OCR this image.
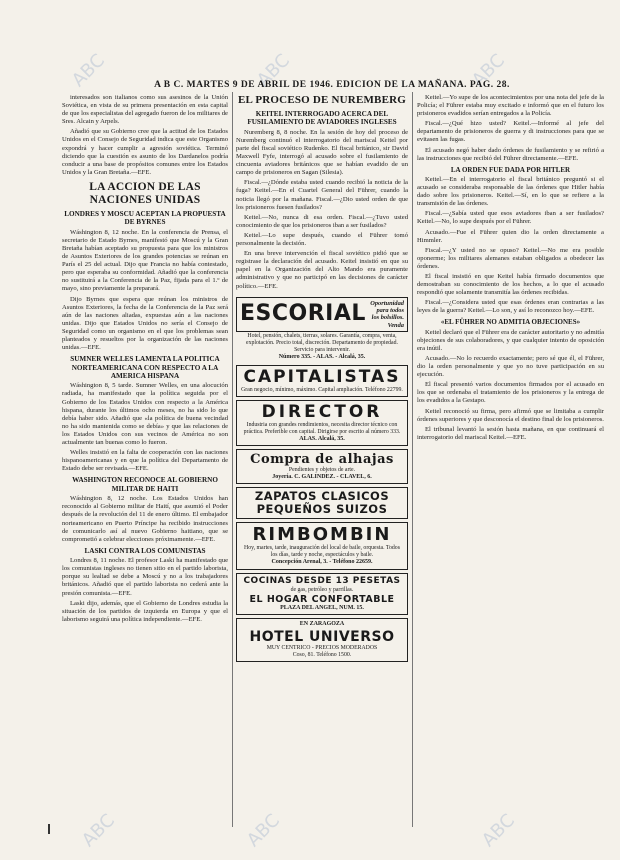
ABC	ABC	ABC
ABC	ABC	ABC
A B C. MARTES 9 DE ABRIL DE 1946. EDICION DE LA MAÑANA. PAG. 28.

interesados son italianos como sus asesinos de la Unión Soviética, en vista de su primera presentación en esta capital de que los especialistas del agregado fueron de los militares de Sres. Alcain y Arpels.

Añadió que su Gobierno cree que la actitud de los Estados Unidos en el Consejo de Seguridad indica que este Organismo expondrá y hacer cumplir a agresión soviética. Terminó diciendo que la cuestión es asunto de los Dardanelos podría conducir a una base de propósitos comunes entre los Estados Unidos y la Gran Bretaña.—EFE.

LA ACCION DE LAS NACIONES UNIDAS
LONDRES Y MOSCU ACEPTAN LA PROPUESTA DE BYRNES

Wáshington 8, 12 noche. En la conferencia de Prensa, el secretario de Estado Byrnes, manifestó que Moscú y la Gran Bretaña habían aceptado su propuesta para que los ministros de Asuntos Exteriores de los grandes potencias se reúnan en París el 25 del actual. Dijo que Francia no había contestado, pero que esperaba su conformidad. Añadió que la conferencia no sustituirá a la Conferencia de la Paz, fijada para el 1.º de mayo, sino previamente la preparará.

Dijo Byrnes que espera que reúnan los ministros de Asuntos Exteriores, la fecha de la Conferencia de la Paz será aún de las naciones aliadas, expuestas aún a las naciones unidas. Dijo que Estados Unidos no sería el Consejo de Seguridad como un organismo en el que los problemas sean planteados y resueltos por la organización de las naciones unidas.—EFE.

SUMNER WELLES LAMENTA LA POLITICA NORTEAMERICANA CON RESPECTO A LA AMERICA HISPANA

Wáshington 8, 5 tarde. Sumner Welles, en una alocución radiada, ha manifestado que la política seguida por el Gobierno de los Estados Unidos con respecto a la América hispana, durante los últimos ocho meses, no ha sido lo que debía haber sido. Añadió que «la política de buena vecindad no ha sido mantenida como se debía» y que las relaciones de los Estados Unidos con sus vecinos de América no son actualmente tan buenas como lo fueron.

Welles insistió en la falta de cooperación con las naciones hispanoamericanas y en que la política del Departamento de Estado debe ser revisada.—EFE.

WASHINGTON RECONOCE AL GOBIERNO MILITAR DE HAITI

Wáshington 8, 12 noche. Los Estados Unidos han reconocido al Gobierno militar de Haití, que asumió el Poder después de la revolución del 11 de enero último. El embajador norteamericano en Puerto Príncipe ha recibido instrucciones de comunicarlo así al nuevo Gobierno haitiano, que se comprometió a celebrar elecciones próximamente.—EFE.

LASKI CONTRA LOS COMUNISTAS

Londres 8, 11 noche. El profesor Laski ha manifestado que los comunistas ingleses no tienen sitio en el partido laborista, porque su lealtad se debe a Moscú y no a los trabajadores británicos. Añadió que el partido laborista no cederá ante la presión comunista.—EFE.

Laski dijo, además, que el Gobierno de Londres estudia la situación de los partidos de izquierda en Europa y que el laborismo seguirá una política independiente.—EFE.

EL PROCESO DE NUREMBERG
KEITEL INTERROGADO ACERCA DEL FUSILAMIENTO DE AVIADORES INGLESES

Nuremberg 8, 8 noche. En la sesión de hoy del proceso de Nuremberg continuó el interrogatorio del mariscal Keitel por parte del fiscal soviético Rudenko. El fiscal británico, sir David Maxwell Fyfe, interrogó al acusado sobre el fusilamiento de cincuenta aviadores británicos que se habían evadido de un campo de prisioneros en Sagan (Silesia).

Fiscal.—¿Dónde estaba usted cuando recibió la noticia de la fuga? Keitel.—En el Cuartel General del Führer, cuando la noticia llegó por la mañana. Fiscal.—¿Dio usted orden de que los prisioneros fuesen fusilados?

Keitel.—No, nunca di esa orden. Fiscal.—¿Tuvo usted conocimiento de que los prisioneros iban a ser fusilados?

Keitel.—Lo supe después, cuando el Führer tomó personalmente la decisión.

En una breve intervención el fiscal soviético pidió que se registrase la declaración del acusado. Keitel insistió en que su papel en la Organización del Alto Mando era puramente administrativo y que no participó en las decisiones de carácter político.—EFE.

ESCORIAL Oportunidad para todos los bolsillos. Venda
Hotel, pensión, chalets, tierras, solares. Garantía, compra, venta, explotación. Precio total, discreción. Departamento de propiedad. Servicio para intervenir.
Número 335. - ALAS. - Alcalá, 35.
CAPITALISTAS
Gran negocio, mínimo, máximo. Capital ampliación. Teléfono 22799.
DIRECTOR
Industria con grandes rendimientos, necesita director técnico con práctica. Preferible con capital. Dirigirse por escrito al número 333.
ALAS. Alcalá, 35.
Compra de alhajas
Pendientes y objetos de arte.
Joyería. C. GALINDEZ. - CLAVEL, 6.
ZAPATOS CLASICOS
PEQUEÑOS SUIZOS
RIMBOMBIN
Hoy, martes, tarde, inauguración del local de baile, orquesta. Todos los días, tarde y noche, espectáculos y baile.
Concepción Arenal, 3. - Teléfono 22659.
COCINAS DESDE 13 PESETAS
de gas, petróleo y parrillas.
EL HOGAR CONFORTABLE
PLAZA DEL ANGEL, NUM. 15.
EN ZARAGOZA
HOTEL UNIVERSO
MUY CENTRICO - PRECIOS MODERADOS
Coso, 81. Teléfono 1500.

Keitel.—Yo supe de los acontecimientos por una nota del jefe de la Policía; el Führer estaba muy excitado e informó que en el futuro los prisioneros evadidos serían entregados a la Policía.

Fiscal.—¿Qué hizo usted? Keitel.—Informé al jefe del departamento de prisioneros de guerra y di instrucciones para que se evitasen las fugas.

El acusado negó haber dado órdenes de fusilamiento y se refirió a las instrucciones que recibió del Führer directamente.—EFE.

LA ORDEN FUE DADA POR HITLER

Keitel.—En el interrogatorio el fiscal británico preguntó si el acusado se consideraba responsable de las órdenes que Hitler había dado sobre los prisioneros. Keitel.—Sí, en lo que se refiere a la transmisión de las órdenes.

Fiscal.—¿Sabía usted que esos aviadores iban a ser fusilados? Keitel.—No, lo supe después por el Führer.

Acusado.—Fue el Führer quien dio la orden directamente a Himmler.

Fiscal.—¿Y usted no se opuso? Keitel.—No me era posible oponerme; los militares alemanes estaban obligados a obedecer las órdenes.

El fiscal insistió en que Keitel había firmado documentos que demostraban su conocimiento de los hechos, a lo que el acusado respondió que solamente transmitía las órdenes recibidas.

Fiscal.—¿Considera usted que esas órdenes eran contrarias a las leyes de la guerra? Keitel.—Lo son, y así lo reconozco hoy.—EFE.

«EL FÜHRER NO ADMITIA OBJECIONES»

Keitel declaró que el Führer era de carácter autoritario y no admitía objeciones de sus colaboradores, y que cualquier intento de oposición era inútil.

Acusado.—No lo recuerdo exactamente; pero sé que él, el Führer, dio la orden personalmente y que yo no tuve participación en su ejecución.

El fiscal presentó varios documentos firmados por el acusado en los que se ordenaba el tratamiento de los prisioneros y la entrega de los evadidos a la Gestapo.

Keitel reconoció su firma, pero afirmó que se limitaba a cumplir órdenes superiores y que desconocía el destino final de los prisioneros.

El tribunal levantó la sesión hasta mañana, en que continuará el interrogatorio del mariscal Keitel.—EFE.
